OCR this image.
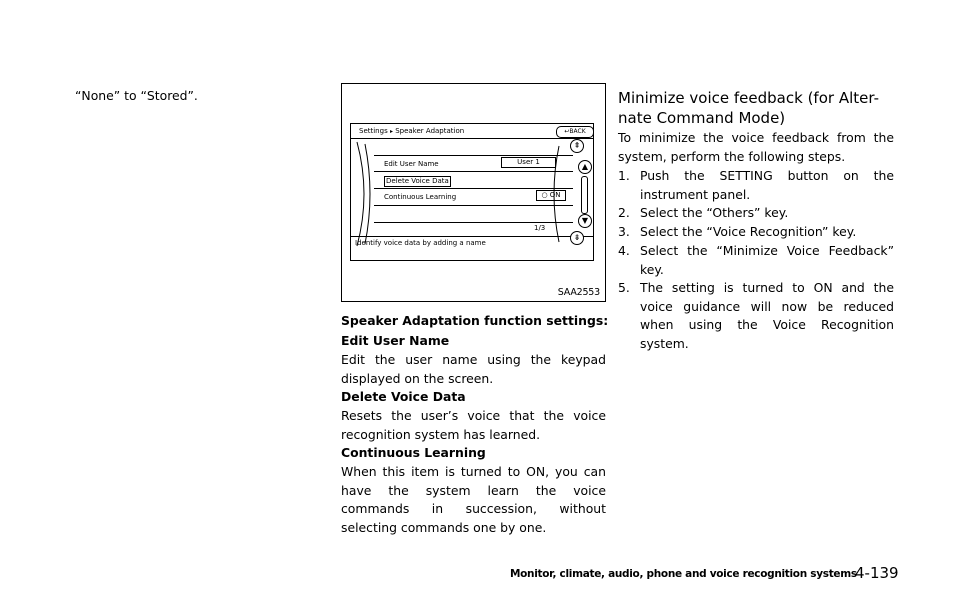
“None” to “Stored”.
Settings ▸ Speaker Adaptation	↩BACK
Edit User Name	User 1
Delete Voice Data
Continuous Learning	○ ON
1/3
Identify voice data by adding a name
⇞
▲
▼
⇟
SAA2553
Speaker Adaptation function settings:
Edit User Name
Edit the user name using the keypad displayed on the screen.
Delete Voice Data
Resets the user’s voice that the voice recognition system has learned.
Continuous Learning
When this item is turned to ON, you can have the system learn the voice commands in succession, without selecting commands one by one.
Minimize voice feedback (for Alter-
nate Command Mode)
To minimize the voice feedback from the system, perform the following steps.
1. Push the SETTING button on the instrument panel.
2. Select the “Others” key.
3. Select the “Voice Recognition” key.
4. Select the “Minimize Voice Feedback” key.
5. The setting is turned to ON and the voice guidance will now be reduced when using the Voice Recognition system.
Monitor, climate, audio, phone and voice recognition systems
4-139
